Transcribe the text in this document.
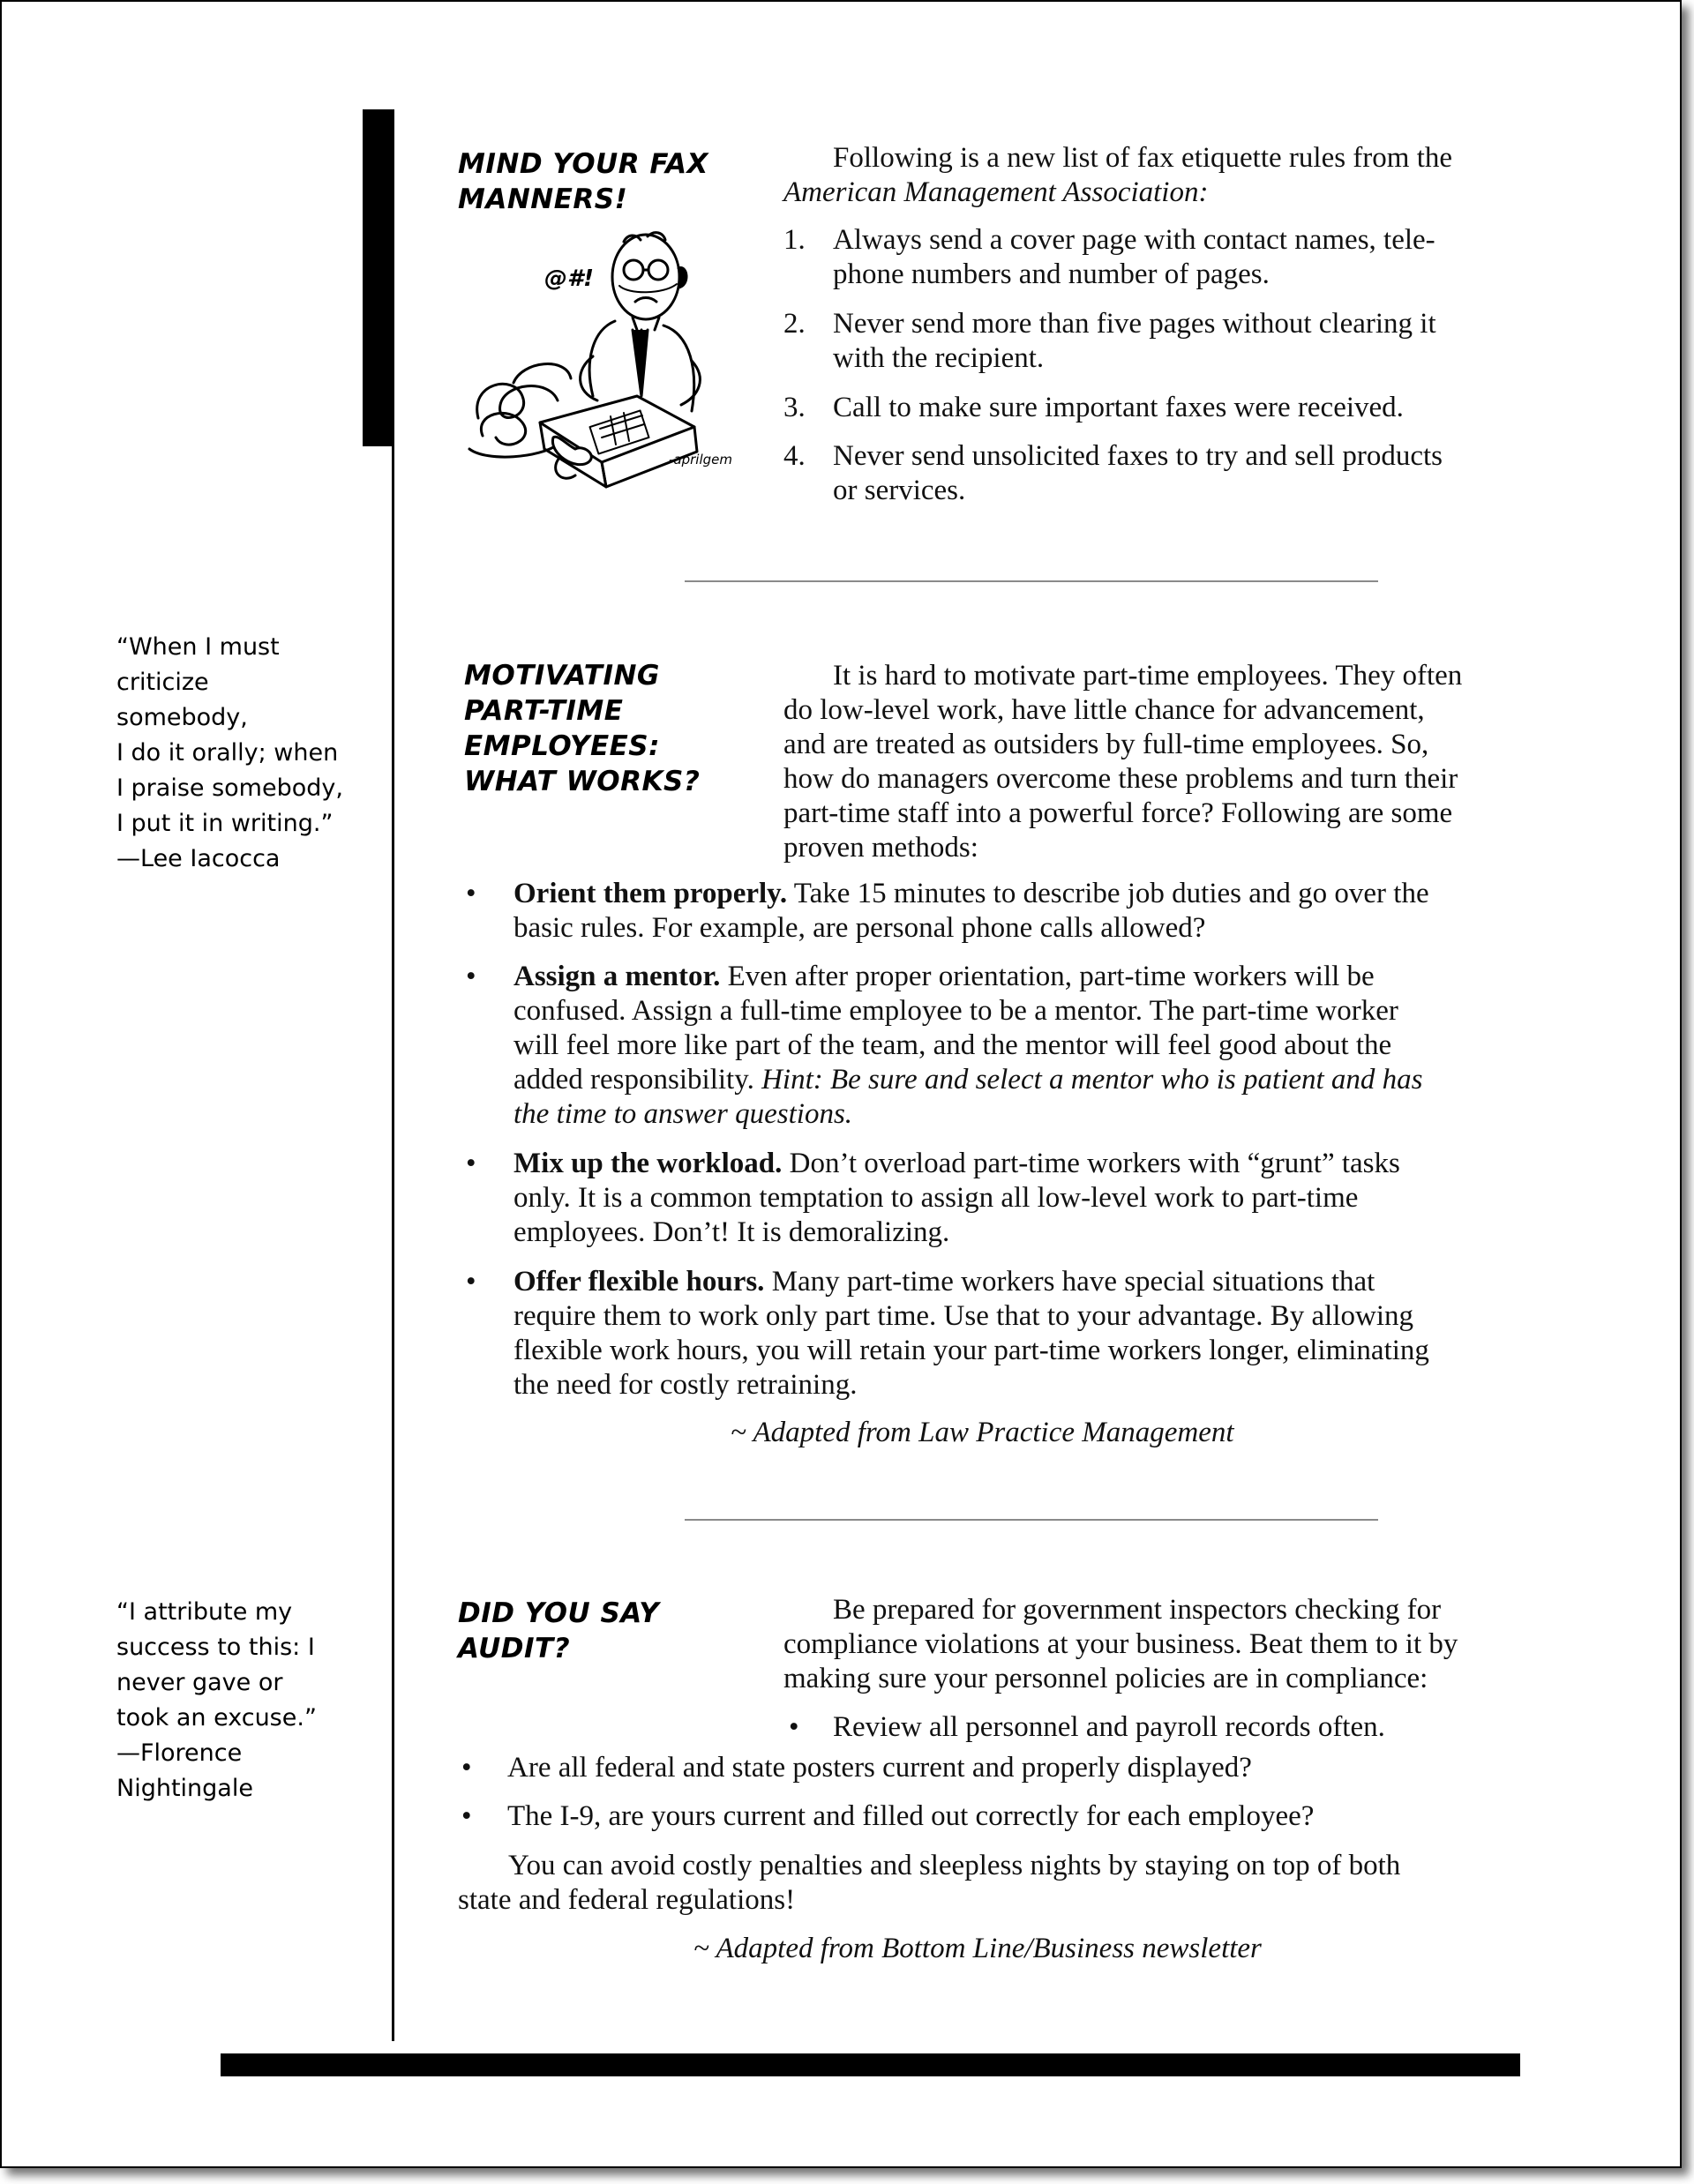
MIND YOUR FAX
MANNERS!
@#!
-aprilgem

Following is a new list of fax etiquette rules from the
American Management Association:

1. Always send a cover page with contact names, tele-
phone numbers and number of pages.
2. Never send more than five pages without clearing it
with the recipient.
3. Call to make sure important faxes were received.
4. Never send unsolicited faxes to try and sell products
or services.

“When I must
criticize somebody,
I do it orally; when
I praise somebody,
I put it in writing.”
—Lee Iacocca

MOTIVATING
PART-TIME
EMPLOYEES:
WHAT WORKS?

It is hard to motivate part-time employees. They often
do low-level work, have little chance for advancement,
and are treated as outsiders by full-time employees. So,
how do managers overcome these problems and turn their
part-time staff into a powerful force? Following are some
proven methods:

• Orient them properly. Take 15 minutes to describe job duties and go over the
basic rules. For example, are personal phone calls allowed?
• Assign a mentor. Even after proper orientation, part-time workers will be
confused. Assign a full-time employee to be a mentor. The part-time worker
will feel more like part of the team, and the mentor will feel good about the
added responsibility. Hint: Be sure and select a mentor who is patient and has
the time to answer questions.
• Mix up the workload. Don’t overload part-time workers with “grunt” tasks
only. It is a common temptation to assign all low-level work to part-time
employees. Don’t! It is demoralizing.
• Offer flexible hours. Many part-time workers have special situations that
require them to work only part time. Use that to your advantage. By allowing
flexible work hours, you will retain your part-time workers longer, eliminating
the need for costly retraining.

~ Adapted from Law Practice Management

“I attribute my
success to this: I
never gave or
took an excuse.”
—Florence
Nightingale

DID YOU SAY
AUDIT?

Be prepared for government inspectors checking for
compliance violations at your business. Beat them to it by
making sure your personnel policies are in compliance:

•	Review all personnel and payroll records often.
•	Are all federal and state posters current and properly displayed?
•	The I-9, are yours current and filled out correctly for each employee?

You can avoid costly penalties and sleepless nights by staying on top of both
state and federal regulations!

~ Adapted from Bottom Line/Business newsletter
